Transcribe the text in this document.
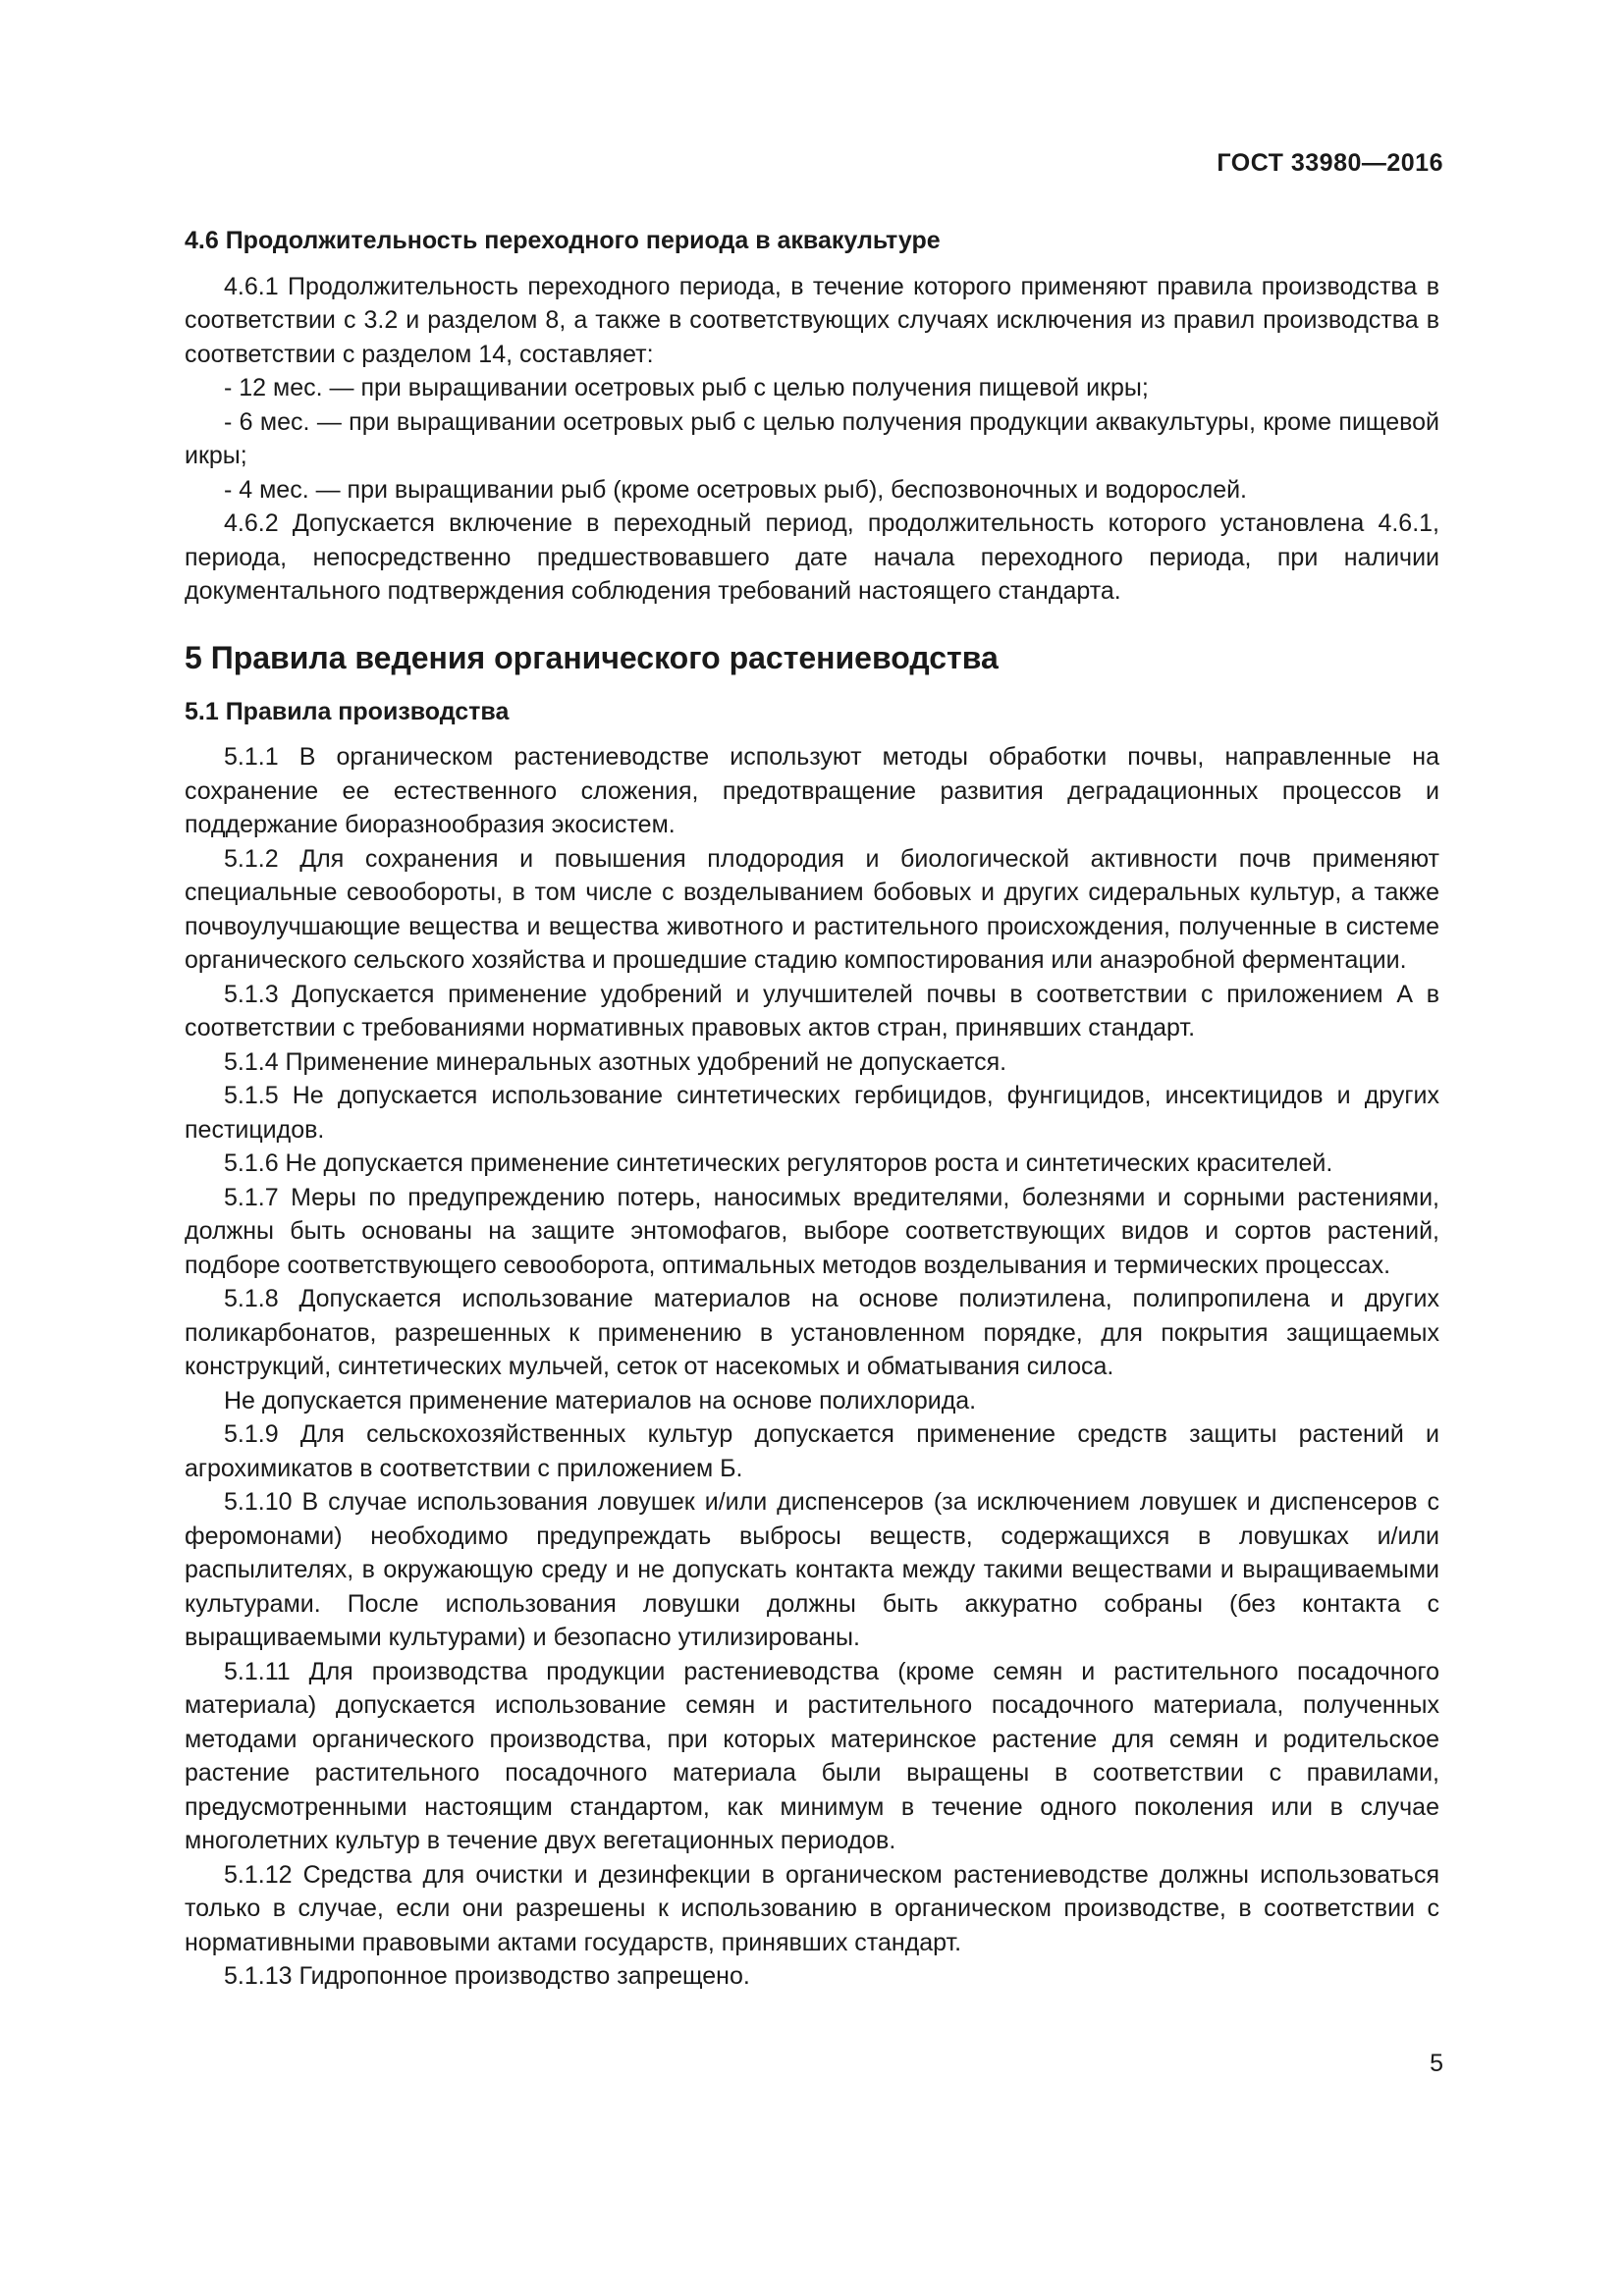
ГОСТ 33980—2016
4.6 Продолжительность переходного периода в аквакультуре

4.6.1 Продолжительность переходного периода, в течение которого применяют правила производства в соответствии с 3.2 и разделом 8, а также в соответствующих случаях исключения из правил производства в соответствии с разделом 14, составляет:

- 12 мес. — при выращивании осетровых рыб с целью получения пищевой икры;

- 6 мес. — при выращивании осетровых рыб с целью получения продукции аквакультуры, кроме пищевой икры;

- 4 мес. — при выращивании рыб (кроме осетровых рыб), беспозвоночных и водорослей.

4.6.2 Допускается включение в переходный период, продолжительность которого установлена 4.6.1, периода, непосредственно предшествовавшего дате начала переходного периода, при наличии документального подтверждения соблюдения требований настоящего стандарта.

5 Правила ведения органического растениеводства
5.1 Правила производства

5.1.1 В органическом растениеводстве используют методы обработки почвы, направленные на сохранение ее естественного сложения, предотвращение развития деградационных процессов и поддержание биоразнообразия экосистем.

5.1.2 Для сохранения и повышения плодородия и биологической активности почв применяют специальные севообороты, в том числе с возделыванием бобовых и других сидеральных культур, а также почвоулучшающие вещества и вещества животного и растительного происхождения, полученные в системе органического сельского хозяйства и прошедшие стадию компостирования или анаэробной ферментации.

5.1.3 Допускается применение удобрений и улучшителей почвы в соответствии с приложением А в соответствии с требованиями нормативных правовых актов стран, принявших стандарт.

5.1.4 Применение минеральных азотных удобрений не допускается.

5.1.5 Не допускается использование синтетических гербицидов, фунгицидов, инсектицидов и других пестицидов.

5.1.6 Не допускается применение синтетических регуляторов роста и синтетических красителей.

5.1.7 Меры по предупреждению потерь, наносимых вредителями, болезнями и сорными растениями, должны быть основаны на защите энтомофагов, выборе соответствующих видов и сортов растений, подборе соответствующего севооборота, оптимальных методов возделывания и термических процессах.

5.1.8 Допускается использование материалов на основе полиэтилена, полипропилена и других поликарбонатов, разрешенных к применению в установленном порядке, для покрытия защищаемых конструкций, синтетических мульчей, сеток от насекомых и обматывания силоса.

Не допускается применение материалов на основе полихлорида.

5.1.9 Для сельскохозяйственных культур допускается применение средств защиты растений и агрохимикатов в соответствии с приложением Б.

5.1.10 В случае использования ловушек и/или диспенсеров (за исключением ловушек и диспенсеров с феромонами) необходимо предупреждать выбросы веществ, содержащихся в ловушках и/или распылителях, в окружающую среду и не допускать контакта между такими веществами и выращиваемыми культурами. После использования ловушки должны быть аккуратно собраны (без контакта с выращиваемыми культурами) и безопасно утилизированы.

5.1.11 Для производства продукции растениеводства (кроме семян и растительного посадочного материала) допускается использование семян и растительного посадочного материала, полученных методами органического производства, при которых материнское растение для семян и родительское растение растительного посадочного материала были выращены в соответствии с правилами, предусмотренными настоящим стандартом, как минимум в течение одного поколения или в случае многолетних культур в течение двух вегетационных периодов.

5.1.12 Средства для очистки и дезинфекции в органическом растениеводстве должны использоваться только в случае, если они разрешены к использованию в органическом производстве, в соответствии с нормативными правовыми актами государств, принявших стандарт.

5.1.13 Гидропонное производство запрещено.

5
